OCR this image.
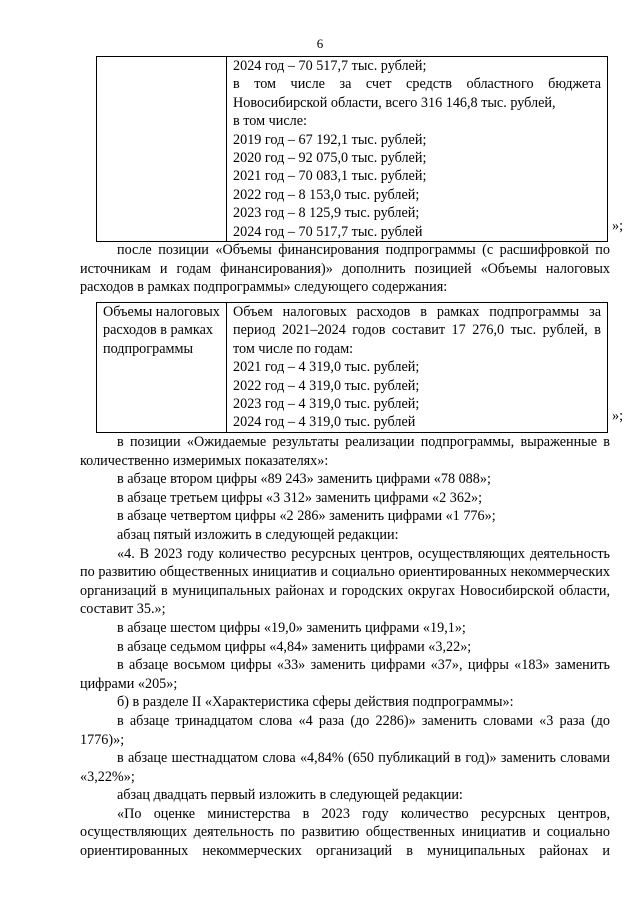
6

2024 год – 70 517,7 тыс. рублей;
в том числе за счет средств областного бюджета Новосибирской области, всего 316 146,8 тыс. рублей,
в том числе:
2019 год – 67 192,1 тыс. рублей;
2020 год – 92 075,0 тыс. рублей;
2021 год – 70 083,1 тыс. рублей;
2022 год – 8 153,0 тыс. рублей;
2023 год – 8 125,9 тыс. рублей;
2024 год – 70 517,7 тыс. рублей	»;

после позиции «Объемы финансирования подпрограммы (с расшифровкой по источникам и годам финансирования)» дополнить позицией «Объемы налоговых расходов в рамках подпрограммы» следующего содержания:

Объемы налоговых расходов в рамках подпрограммы	
Объем налоговых расходов в рамках подпрограммы за период 2021–2024 годов составит 17 276,0 тыс. рублей, в том числе по годам:
2021 год – 4 319,0 тыс. рублей;
2022 год – 4 319,0 тыс. рублей;
2023 год – 4 319,0 тыс. рублей;
2024 год – 4 319,0 тыс. рублей	»;

в позиции «Ожидаемые результаты реализации подпрограммы, выраженные в количественно измеримых показателях»:

в абзаце втором цифры «89 243» заменить цифрами «78 088»;

в абзаце третьем цифры «3 312» заменить цифрами «2 362»;

в абзаце четвертом цифры «2 286» заменить цифрами «1 776»;

абзац пятый изложить в следующей редакции:

«4. В 2023 году количество ресурсных центров, осуществляющих деятельность по развитию общественных инициатив и социально ориентированных некоммерческих организаций в муниципальных районах и городских округах Новосибирской области, составит 35.»;

в абзаце шестом цифры «19,0» заменить цифрами «19,1»;

в абзаце седьмом цифры «4,84» заменить цифрами «3,22»;

в абзаце восьмом цифры «33» заменить цифрами «37», цифры «183» заменить цифрами «205»;

б) в разделе II «Характеристика сферы действия подпрограммы»:

в абзаце тринадцатом слова «4 раза (до 2286)» заменить словами «3 раза (до 1776)»;

в абзаце шестнадцатом слова «4,84% (650 публикаций в год)» заменить словами «3,22%»;

абзац двадцать первый изложить в следующей редакции:

«По оценке министерства в 2023 году количество ресурсных центров, осуществляющих деятельность по развитию общественных инициатив и социально ориентированных некоммерческих организаций в муниципальных районах и
